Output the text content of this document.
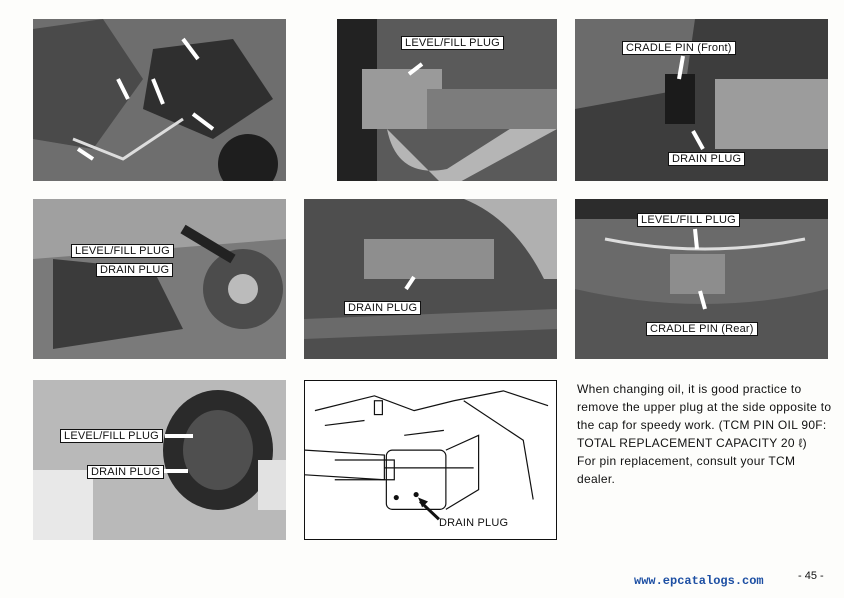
LEVEL/FILL PLUG	CRADLE PIN (Front)
DRAIN PLUG
LEVEL/FILL PLUG
DRAIN PLUG
DRAIN PLUG
LEVEL/FILL PLUG
CRADLE PIN (Rear)
LEVEL/FILL PLUG
DRAIN PLUG
DRAIN PLUG
When changing oil, it is good practice to
remove the upper plug at the side opposite to
the cap for speedy work. (TCM PIN OIL 90F:
TOTAL REPLACEMENT CAPACITY 20 ℓ)
For pin replacement, consult your TCM
dealer.
www.epcatalogs.com	- 45 -
